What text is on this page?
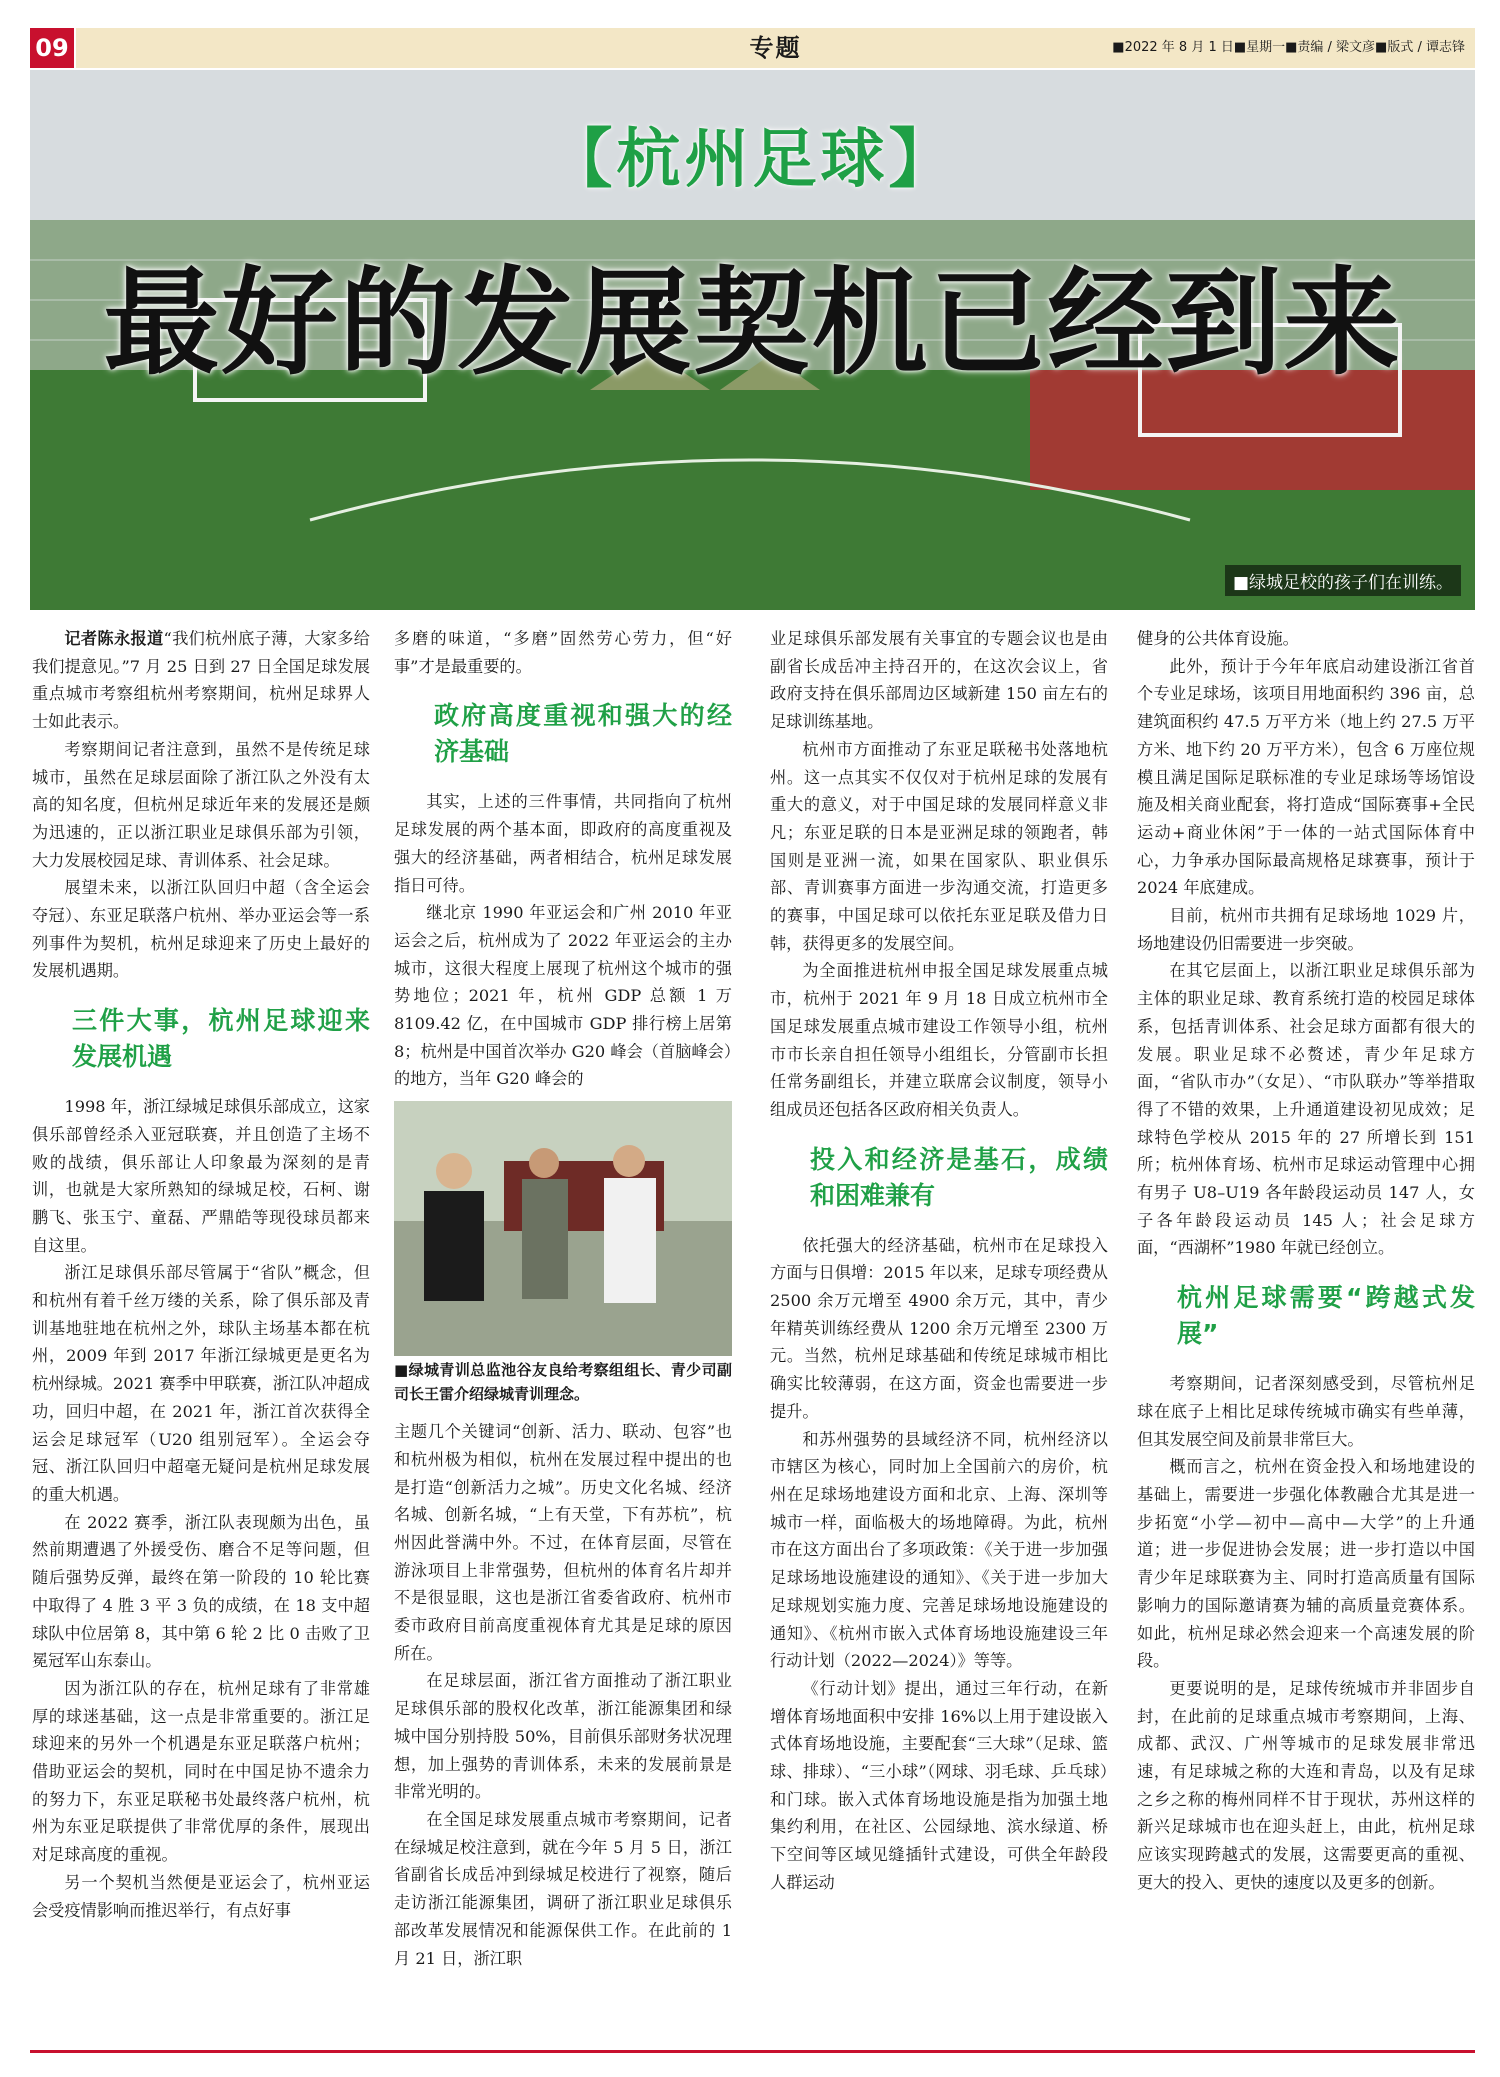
09	专题	■2022 年 8 月 1 日■星期一■责编 / 梁文彦■版式 / 谭志锋
【杭州足球】
最好的发展契机已经到来
■绿城足校的孩子们在训练。

记者陈永报道“我们杭州底子薄，大家多给我们提意见。”7 月 25 日到 27 日全国足球发展重点城市考察组杭州考察期间，杭州足球界人士如此表示。

考察期间记者注意到，虽然不是传统足球城市，虽然在足球层面除了浙江队之外没有太高的知名度，但杭州足球近年来的发展还是颇为迅速的，正以浙江职业足球俱乐部为引领，大力发展校园足球、青训体系、社会足球。

展望未来，以浙江队回归中超（含全运会夺冠）、东亚足联落户杭州、举办亚运会等一系列事件为契机，杭州足球迎来了历史上最好的发展机遇期。

三件大事，杭州足球迎来发展机遇

1998 年，浙江绿城足球俱乐部成立，这家俱乐部曾经杀入亚冠联赛，并且创造了主场不败的战绩，俱乐部让人印象最为深刻的是青训，也就是大家所熟知的绿城足校，石柯、谢鹏飞、张玉宁、童磊、严鼎皓等现役球员都来自这里。

浙江足球俱乐部尽管属于“省队”概念，但和杭州有着千丝万缕的关系，除了俱乐部及青训基地驻地在杭州之外，球队主场基本都在杭州，2009 年到 2017 年浙江绿城更是更名为杭州绿城。2021 赛季中甲联赛，浙江队冲超成功，回归中超，在 2021 年，浙江首次获得全运会足球冠军（U20 组别冠军）。全运会夺冠、浙江队回归中超毫无疑问是杭州足球发展的重大机遇。

在 2022 赛季，浙江队表现颇为出色，虽然前期遭遇了外援受伤、磨合不足等问题，但随后强势反弹，最终在第一阶段的 10 轮比赛中取得了 4 胜 3 平 3 负的成绩，在 18 支中超球队中位居第 8，其中第 6 轮 2 比 0 击败了卫冕冠军山东泰山。

因为浙江队的存在，杭州足球有了非常雄厚的球迷基础，这一点是非常重要的。浙江足球迎来的另外一个机遇是东亚足联落户杭州；借助亚运会的契机，同时在中国足协不遗余力的努力下，东亚足联秘书处最终落户杭州，杭州为东亚足联提供了非常优厚的条件，展现出对足球高度的重视。

另一个契机当然便是亚运会了，杭州亚运会受疫情影响而推迟举行，有点好事

多磨的味道，“多磨”固然劳心劳力，但“好事”才是最重要的。

政府高度重视和强大的经济基础

其实，上述的三件事情，共同指向了杭州足球发展的两个基本面，即政府的高度重视及强大的经济基础，两者相结合，杭州足球发展指日可待。

继北京 1990 年亚运会和广州 2010 年亚运会之后，杭州成为了 2022 年亚运会的主办城市，这很大程度上展现了杭州这个城市的强势地位；2021 年，杭州 GDP 总额 1 万 8109.42 亿，在中国城市 GDP 排行榜上居第 8；杭州是中国首次举办 G20 峰会（首脑峰会）的地方，当年 G20 峰会的

■绿城青训总监池谷友良给考察组组长、青少司副司长王雷介绍绿城青训理念。

主题几个关键词“创新、活力、联动、包容”也和杭州极为相似，杭州在发展过程中提出的也是打造“创新活力之城”。历史文化名城、经济名城、创新名城，“上有天堂，下有苏杭”，杭州因此誉满中外。不过，在体育层面，尽管在游泳项目上非常强势，但杭州的体育名片却并不是很显眼，这也是浙江省委省政府、杭州市委市政府目前高度重视体育尤其是足球的原因所在。

在足球层面，浙江省方面推动了浙江职业足球俱乐部的股权化改革，浙江能源集团和绿城中国分别持股 50%，目前俱乐部财务状况理想，加上强势的青训体系，未来的发展前景是非常光明的。

在全国足球发展重点城市考察期间，记者在绿城足校注意到，就在今年 5 月 5 日，浙江省副省长成岳冲到绿城足校进行了视察，随后走访浙江能源集团，调研了浙江职业足球俱乐部改革发展情况和能源保供工作。在此前的 1 月 21 日，浙江职

业足球俱乐部发展有关事宜的专题会议也是由副省长成岳冲主持召开的，在这次会议上，省政府支持在俱乐部周边区域新建 150 亩左右的足球训练基地。

杭州市方面推动了东亚足联秘书处落地杭州。这一点其实不仅仅对于杭州足球的发展有重大的意义，对于中国足球的发展同样意义非凡；东亚足联的日本是亚洲足球的领跑者，韩国则是亚洲一流，如果在国家队、职业俱乐部、青训赛事方面进一步沟通交流，打造更多的赛事，中国足球可以依托东亚足联及借力日韩，获得更多的发展空间。

为全面推进杭州申报全国足球发展重点城市，杭州于 2021 年 9 月 18 日成立杭州市全国足球发展重点城市建设工作领导小组，杭州市市长亲自担任领导小组组长，分管副市长担任常务副组长，并建立联席会议制度，领导小组成员还包括各区政府相关负责人。

投入和经济是基石，成绩和困难兼有

依托强大的经济基础，杭州市在足球投入方面与日俱增：2015 年以来，足球专项经费从 2500 余万元增至 4900 余万元，其中，青少年精英训练经费从 1200 余万元增至 2300 万元。当然，杭州足球基础和传统足球城市相比确实比较薄弱，在这方面，资金也需要进一步提升。

和苏州强势的县域经济不同，杭州经济以市辖区为核心，同时加上全国前六的房价，杭州在足球场地建设方面和北京、上海、深圳等城市一样，面临极大的场地障碍。为此，杭州市在这方面出台了多项政策：《关于进一步加强足球场地设施建设的通知》、《关于进一步加大足球规划实施力度、完善足球场地设施建设的通知》、《杭州市嵌入式体育场地设施建设三年行动计划（2022—2024）》等等。

《行动计划》提出，通过三年行动，在新增体育场地面积中安排 16%以上用于建设嵌入式体育场地设施，主要配套“三大球”（足球、篮球、排球）、“三小球”（网球、羽毛球、乒乓球）和门球。嵌入式体育场地设施是指为加强土地集约利用，在社区、公园绿地、滨水绿道、桥下空间等区域见缝插针式建设，可供全年龄段人群运动

健身的公共体育设施。

此外，预计于今年年底启动建设浙江省首个专业足球场，该项目用地面积约 396 亩，总建筑面积约 47.5 万平方米（地上约 27.5 万平方米、地下约 20 万平方米），包含 6 万座位规模且满足国际足联标准的专业足球场等场馆设施及相关商业配套，将打造成“国际赛事+全民运动+商业休闲”于一体的一站式国际体育中心，力争承办国际最高规格足球赛事，预计于 2024 年底建成。

目前，杭州市共拥有足球场地 1029 片，场地建设仍旧需要进一步突破。

在其它层面上，以浙江职业足球俱乐部为主体的职业足球、教育系统打造的校园足球体系，包括青训体系、社会足球方面都有很大的发展。职业足球不必赘述，青少年足球方面，“省队市办”（女足）、“市队联办”等举措取得了不错的效果，上升通道建设初见成效；足球特色学校从 2015 年的 27 所增长到 151 所；杭州体育场、杭州市足球运动管理中心拥有男子 U8–U19 各年龄段运动员 147 人，女子各年龄段运动员 145 人；社会足球方面，“西湖杯”1980 年就已经创立。

杭州足球需要“跨越式发展”

考察期间，记者深刻感受到，尽管杭州足球在底子上相比足球传统城市确实有些单薄，但其发展空间及前景非常巨大。

概而言之，杭州在资金投入和场地建设的基础上，需要进一步强化体教融合尤其是进一步拓宽“小学—初中—高中—大学”的上升通道；进一步促进协会发展；进一步打造以中国青少年足球联赛为主、同时打造高质量有国际影响力的国际邀请赛为辅的高质量竞赛体系。如此，杭州足球必然会迎来一个高速发展的阶段。

更要说明的是，足球传统城市并非固步自封，在此前的足球重点城市考察期间，上海、成都、武汉、广州等城市的足球发展非常迅速，有足球城之称的大连和青岛，以及有足球之乡之称的梅州同样不甘于现状，苏州这样的新兴足球城市也在迎头赶上，由此，杭州足球应该实现跨越式的发展，这需要更高的重视、更大的投入、更快的速度以及更多的创新。
